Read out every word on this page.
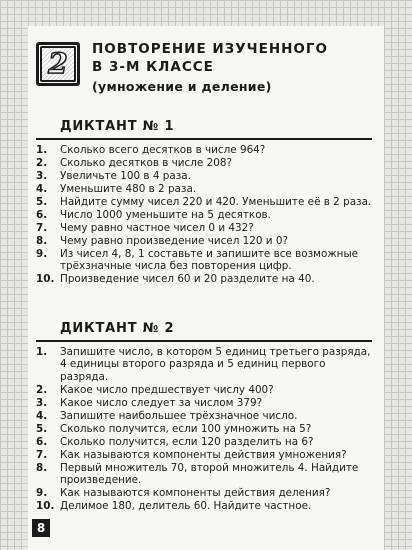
2	ПОВТОРЕНИЕ ИЗУЧЕННОГО
В 3-М КЛАССЕ
(умножение и деление)
ДИКТАНТ № 1
1.	Сколько всего десятков в числе 964?
2.	Сколько десятков в числе 208?
3.	Увеличьте 100 в 4 раза.
4.	Уменьшите 480 в 2 раза.
5.	Найдите сумму чисел 220 и 420. Уменьшите её в 2 раза.
6.	Число 1000 уменьшите на 5 десятков.
7.	Чему равно частное чисел 0 и 432?
8.	Чему равно произведение чисел 120 и 0?
9.	Из чисел 4, 8, 1 составьте и запишите все возможные трёхзначные числа без повторения цифр.
10. Произведение чисел 60 и 20 разделите на 40.
ДИКТАНТ № 2
1.	Запишите число, в котором 5 единиц третьего разряда, 4 единицы второго разряда и 5 единиц первого разряда.
2.	Какое число предшествует числу 400?
3.	Какое число следует за числом 379?
4.	Запишите наибольшее трёхзначное число.
5.	Сколько получится, если 100 умножить на 5?
6.	Сколько получится, если 120 разделить на 6?
7.	Как называются компоненты действия умножения?
8.	Первый множитель 70, второй множитель 4. Найдите произведение.
9.	Как называются компоненты действия деления?
10. Делимое 180, делитель 60. Найдите частное.
8
